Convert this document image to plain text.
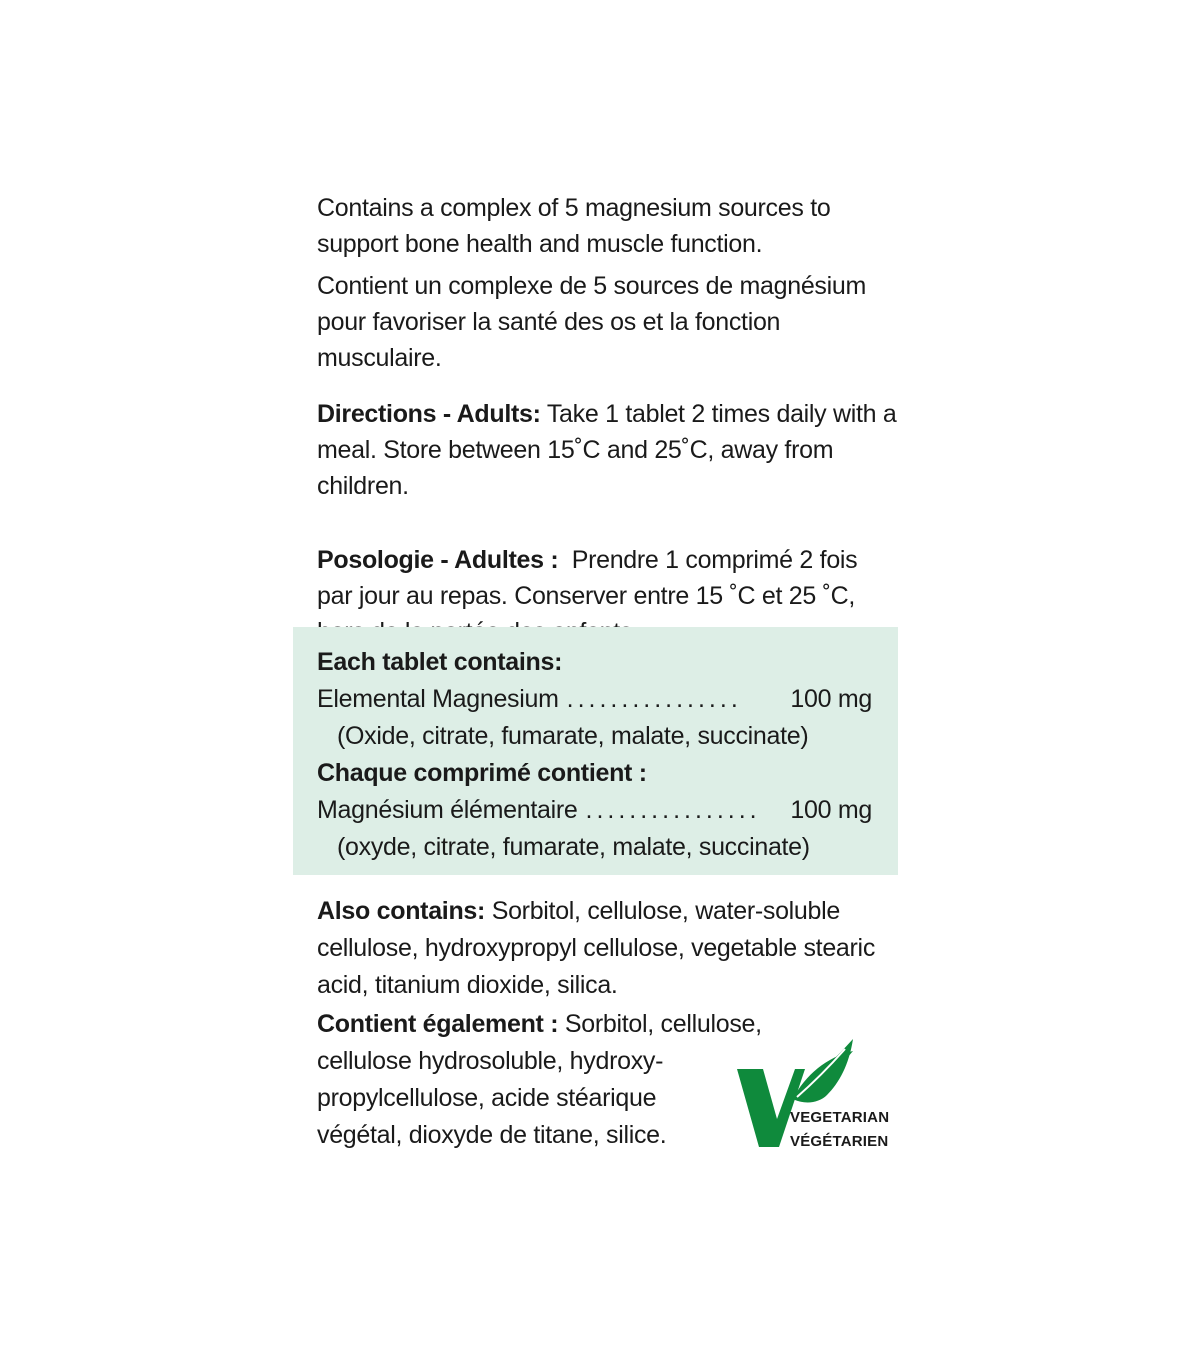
Contains a complex of 5 magnesium sources to support bone health and muscle function.

Contient un complexe de 5 sources de magnésium pour favoriser la santé des os et la fonction musculaire.

Directions - Adults: Take 1 tablet 2 times daily with a meal. Store between 15˚C and 25˚C, away from children.

Posologie - Adultes :  Prendre 1 comprimé 2 fois par jour au repas. Conserver entre 15 ˚C et 25 ˚C,

Each tablet contains:
Elemental Magnesium ................	100 mg
(Oxide, citrate, fumarate, malate, succinate)
Chaque comprimé contient :
Magnésium élémentaire ................	100 mg
(oxyde, citrate, fumarate, malate, succinate)

Also contains: Sorbitol, cellulose, water-soluble cellulose, hydroxypropyl cellulose, vegetable stearic acid, titanium dioxide, silica.

Contient également : Sorbitol, cellulose,
cellulose hydrosoluble, hydroxy-
propylcellulose, acide stéarique
végétal, dioxyde de titane, silice.

VEGETARIAN
VÉGÉTARIEN
